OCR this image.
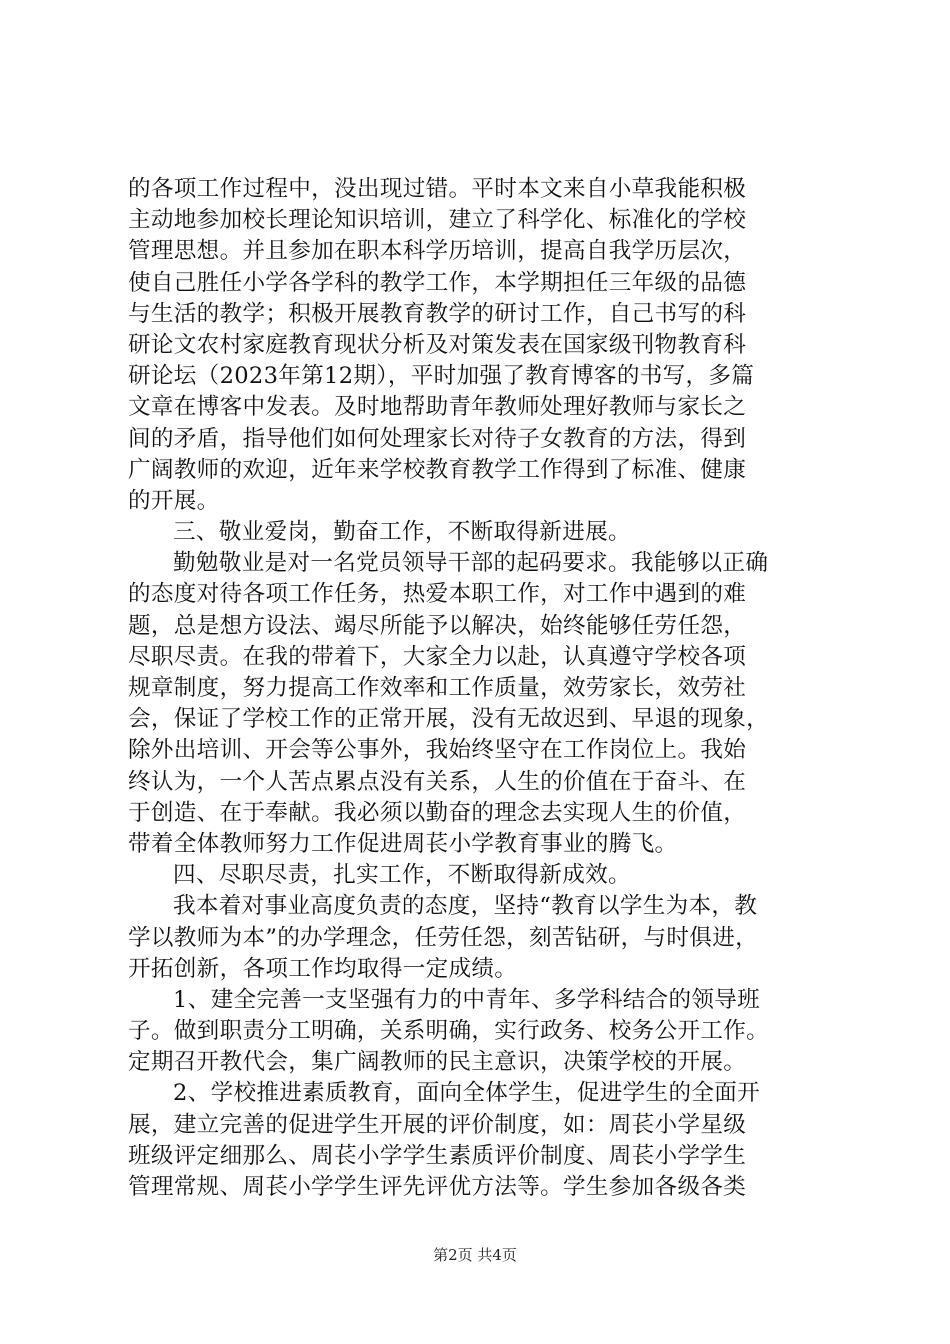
的各项工作过程中，没出现过错。平时本文来自小草我能积极
主动地参加校长理论知识培训，建立了科学化、标准化的学校
管理思想。并且参加在职本科学历培训，提高自我学历层次，
使自己胜任小学各学科的教学工作，本学期担任三年级的品德
与生活的教学；积极开展教育教学的研讨工作，自己书写的科
研论文农村家庭教育现状分析及对策发表在国家级刊物教育科
研论坛（2023年第12期），平时加强了教育博客的书写，多篇
文章在博客中发表。及时地帮助青年教师处理好教师与家长之
间的矛盾，指导他们如何处理家长对待子女教育的方法，得到
广阔教师的欢迎，近年来学校教育教学工作得到了标准、健康
的开展。
三、敬业爱岗，勤奋工作，不断取得新进展。
勤勉敬业是对一名党员领导干部的起码要求。我能够以正确
的态度对待各项工作任务，热爱本职工作，对工作中遇到的难
题，总是想方设法、竭尽所能予以解决，始终能够任劳任怨，
尽职尽责。在我的带着下，大家全力以赴，认真遵守学校各项
规章制度，努力提高工作效率和工作质量，效劳家长，效劳社
会，保证了学校工作的正常开展，没有无故迟到、早退的现象，
除外出培训、开会等公事外，我始终坚守在工作岗位上。我始
终认为，一个人苦点累点没有关系，人生的价值在于奋斗、在
于创造、在于奉献。我必须以勤奋的理念去实现人生的价值，
带着全体教师努力工作促进周苌小学教育事业的腾飞。
四、尽职尽责，扎实工作，不断取得新成效。
我本着对事业高度负责的态度，坚持“教育以学生为本，教
学以教师为本”的办学理念，任劳任怨，刻苦钻研，与时俱进，
开拓创新，各项工作均取得一定成绩。
1、建全完善一支坚强有力的中青年、多学科结合的领导班
子。做到职责分工明确，关系明确，实行政务、校务公开工作。
定期召开教代会，集广阔教师的民主意识，决策学校的开展。
2、学校推进素质教育，面向全体学生，促进学生的全面开
展，建立完善的促进学生开展的评价制度，如：周苌小学星级
班级评定细那么、周苌小学学生素质评价制度、周苌小学学生
管理常规、周苌小学学生评先评优方法等。学生参加各级各类
第2页 共4页
